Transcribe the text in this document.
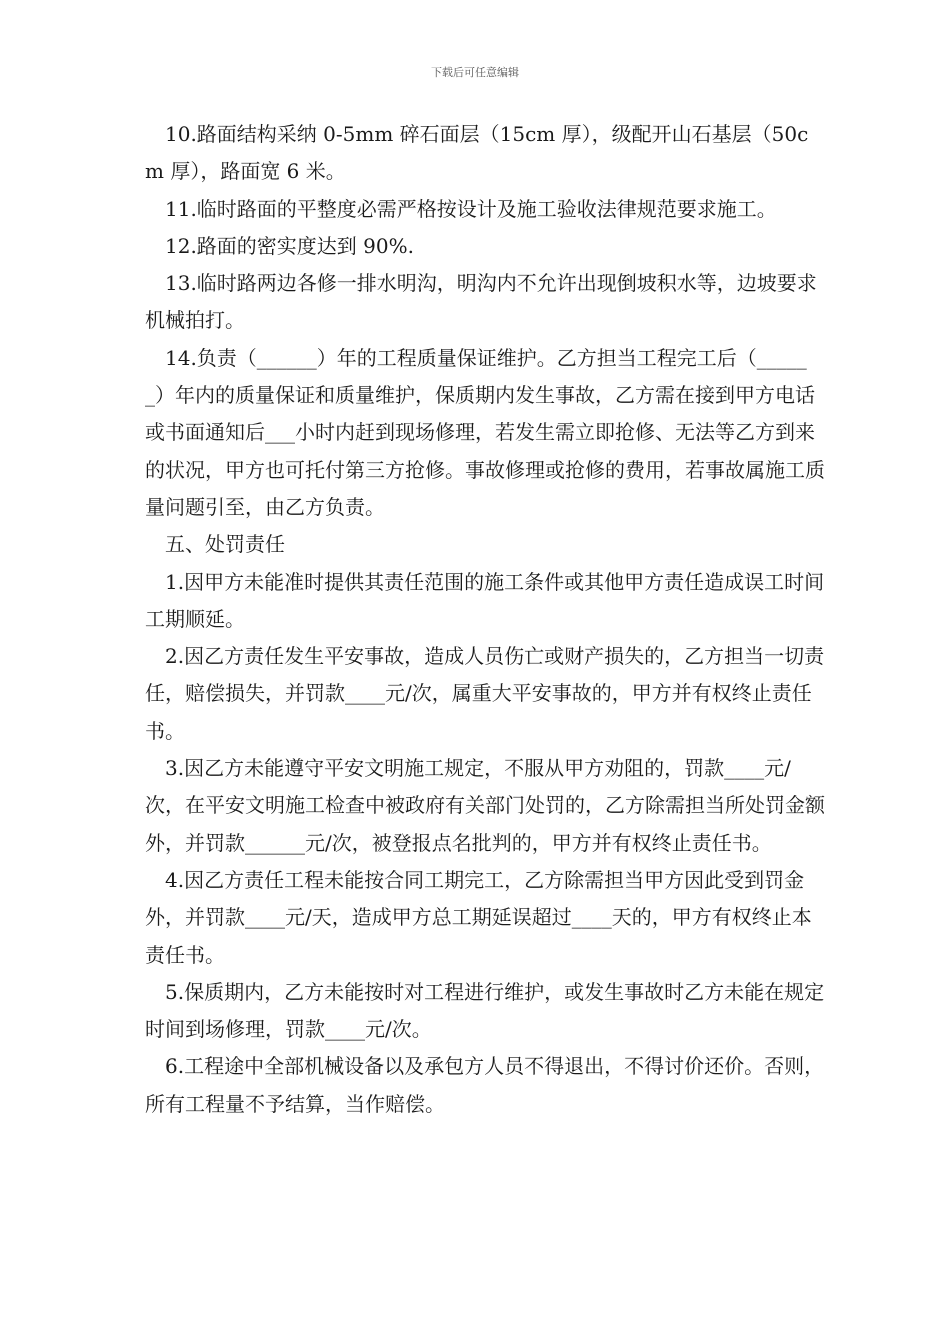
下载后可任意编辑

10.路面结构采纳 0-5mm 碎石面层（15cm 厚），级配开山石基层（50cm 厚），路面宽 6 米。

11.临时路面的平整度必需严格按设计及施工验收法律规范要求施工。

12.路面的密实度达到 90%.

13.临时路两边各修一排水明沟，明沟内不允许出现倒坡积水等，边坡要求机械拍打。

14.负责（______）年的工程质量保证维护。乙方担当工程完工后（______）年内的质量保证和质量维护，保质期内发生事故，乙方需在接到甲方电话或书面通知后___小时内赶到现场修理，若发生需立即抢修、无法等乙方到来的状况，甲方也可托付第三方抢修。事故修理或抢修的费用，若事故属施工质量问题引至，由乙方负责。

五、处罚责任

1.因甲方未能准时提供其责任范围的施工条件或其他甲方责任造成误工时间工期顺延。

2.因乙方责任发生平安事故，造成人员伤亡或财产损失的，乙方担当一切责任，赔偿损失，并罚款____元/次，属重大平安事故的，甲方并有权终止责任书。

3.因乙方未能遵守平安文明施工规定，不服从甲方劝阻的，罚款____元/次，在平安文明施工检查中被政府有关部门处罚的，乙方除需担当所处罚金额外，并罚款______元/次，被登报点名批判的，甲方并有权终止责任书。

4.因乙方责任工程未能按合同工期完工，乙方除需担当甲方因此受到罚金外，并罚款____元/天，造成甲方总工期延误超过____天的，甲方有权终止本责任书。

5.保质期内，乙方未能按时对工程进行维护，或发生事故时乙方未能在规定时间到场修理，罚款____元/次。

6.工程途中全部机械设备以及承包方人员不得退出，不得讨价还价。否则，所有工程量不予结算，当作赔偿。
